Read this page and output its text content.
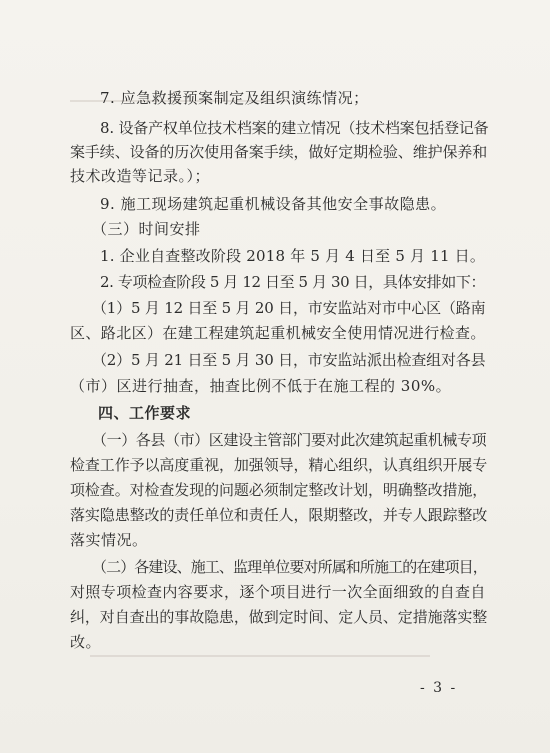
7. 应急救援预案制定及组织演练情况；
8. 设备产权单位技术档案的建立情况（技术档案包括登记备
案手续、设备的历次使用备案手续，做好定期检验、维护保养和
技术改造等记录。）；
9. 施工现场建筑起重机械设备其他安全事故隐患。
（三）时间安排
1. 企业自查整改阶段 2018 年 5 月 4 日至 5 月 11 日。
2. 专项检查阶段 5 月 12 日至 5 月 30 日，具体安排如下：
（1）5 月 12 日至 5 月 20 日，市安监站对市中心区（路南
区、路北区）在建工程建筑起重机械安全使用情况进行检查。
（2）5 月 21 日至 5 月 30 日，市安监站派出检查组对各县
（市）区进行抽查，抽查比例不低于在施工程的 30%。
四、工作要求
（一）各县（市）区建设主管部门要对此次建筑起重机械专项
检查工作予以高度重视，加强领导，精心组织，认真组织开展专
项检查。对检查发现的问题必须制定整改计划，明确整改措施，
落实隐患整改的责任单位和责任人，限期整改，并专人跟踪整改
落实情况。
（二）各建设、施工、监理单位要对所属和所施工的在建项目，
对照专项检查内容要求，逐个项目进行一次全面细致的自查自
纠，对自查出的事故隐患，做到定时间、定人员、定措施落实整
改。
- 3 -
